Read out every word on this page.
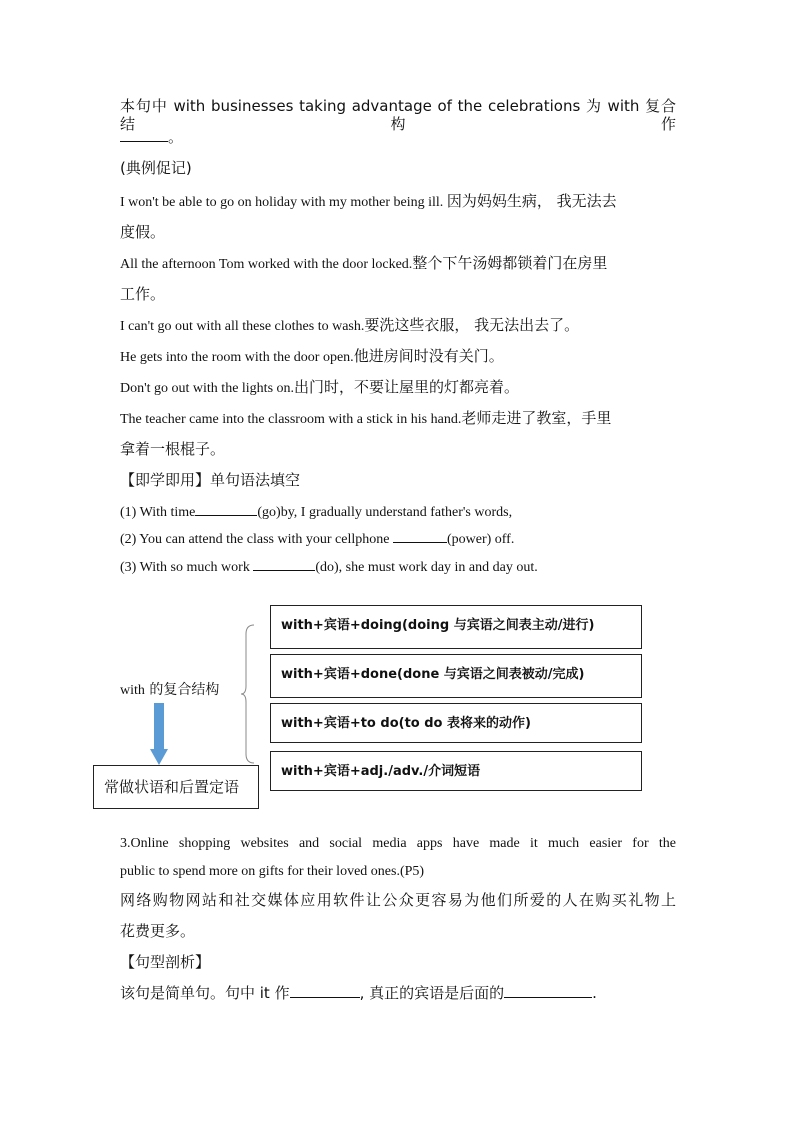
本句中 with businesses taking advantage of the celebrations 为 with 复合结构作
。
(典例促记)
I won't be able to go on holiday with my mother being ill. 因为妈妈生病， 我无法去
度假。
All the afternoon Tom worked with the door locked.整个下午汤姆都锁着门在房里
工作。
I can't go out with all these clothes to wash.要洗这些衣服， 我无法出去了。
He gets into the room with the door open.他进房间时没有关门。
Don't go out with the lights on.出门时，不要让屋里的灯都亮着。
The teacher came into the classroom with a stick in his hand.老师走进了教室，手里
拿着一根棍子。
【即学即用】单句语法填空
(1) With time	(go)by, I gradually understand father's words,
(2) You can attend the class with your cellphone	(power) off.
(3) With so much work	(do), she must work day in and day out.
with+宾语+doing(doing 与宾语之间表主动/进行)
with+宾语+done(done 与宾语之间表被动/完成)
with+宾语+to do(to do 表将来的动作)
with+宾语+adj./adv./介词短语
with 的复合结构
常做状语和后置定语
3.Online shopping websites and social media apps have made it much easier for the
public to spend more on gifts for their loved ones.(P5)
网络购物网站和社交媒体应用软件让公众更容易为他们所爱的人在购买礼物上
花费更多。
【句型剖析】
该句是简单句。句中 it 作	, 真正的宾语是后面的	.
